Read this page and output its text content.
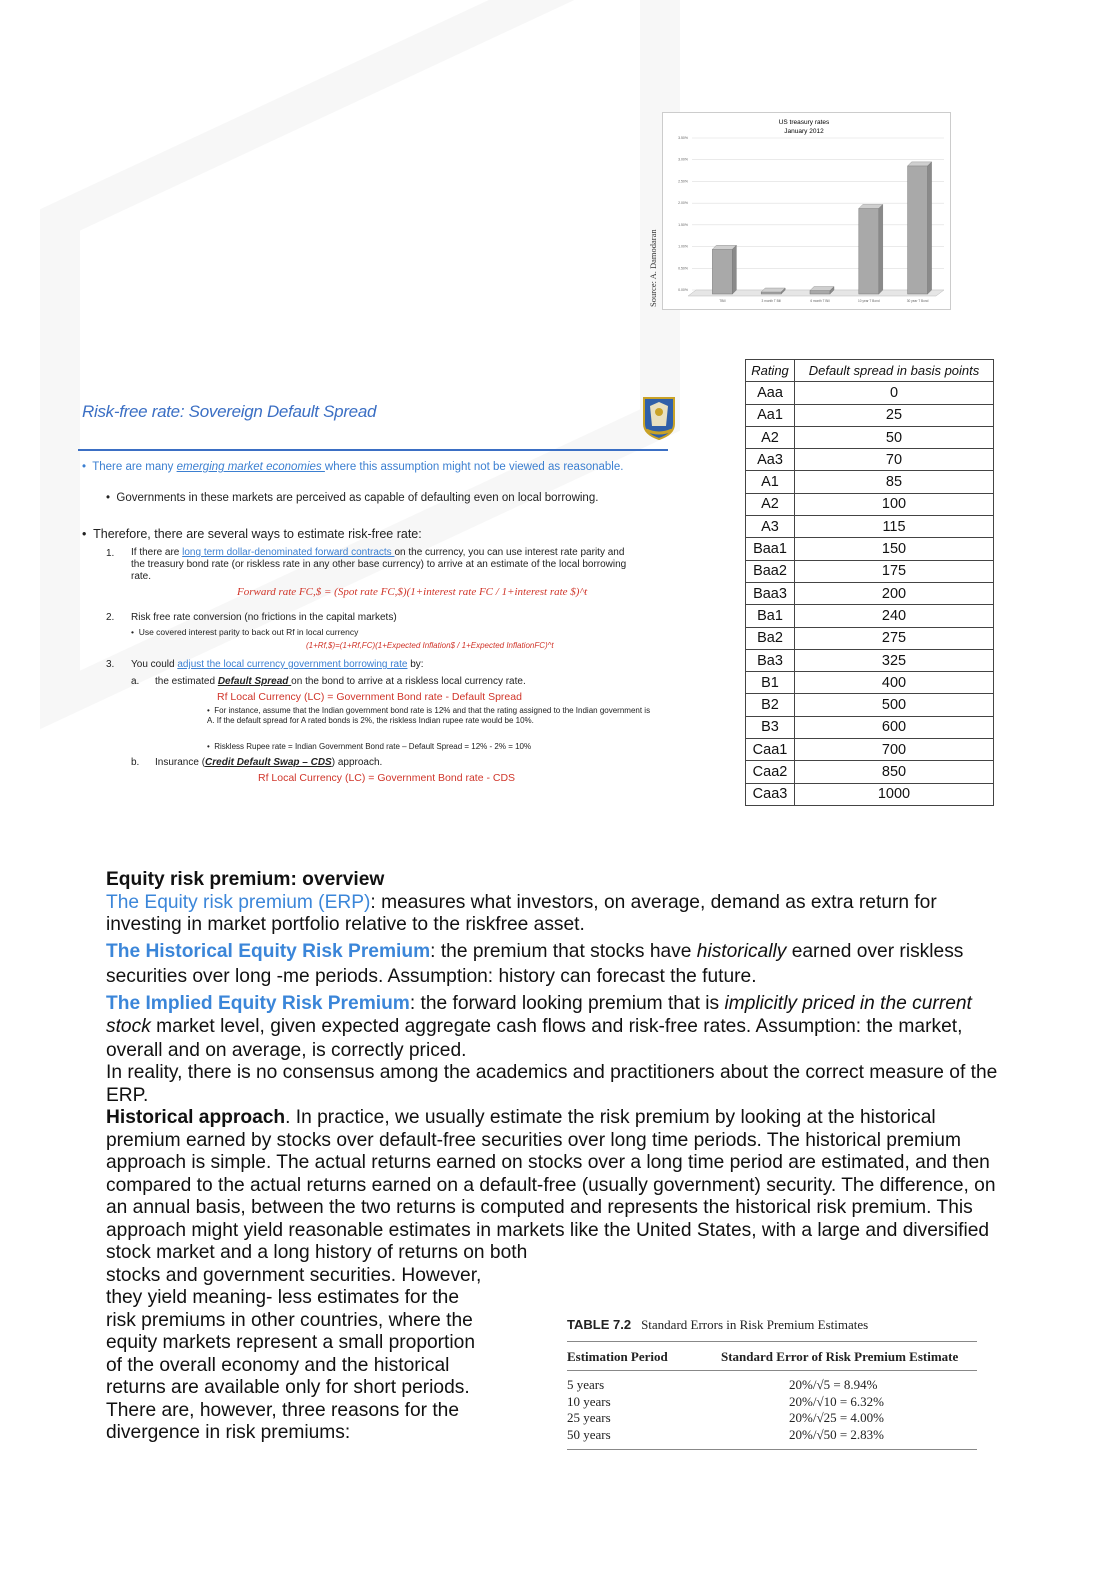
US treasury rates
January 2012
Source: A. Damodaran	0.00%
0.50%
1.00%
1.50%
2.00%
2.50%
3.00%
3.50%
TBill	3 month T Bill	6 month T Bill	10 year T Bond	30 year T Bond
Risk-free rate: Sovereign Default Spread
•  There are many emerging market economies where this assumption might not be viewed as reasonable.
•  Governments in these markets are perceived as capable of defaulting even on local borrowing.
•  Therefore, there are several ways to estimate risk-free rate:
1. If there are long term dollar-denominated forward contracts on the currency, you can use interest rate parity and the treasury bond rate (or riskless rate in any other base currency) to arrive at an estimate of the local borrowing rate.
Forward rate FC,$ = (Spot rate FC,$)(1+interest rate FC / 1+interest rate $)^t
2. Risk free rate conversion (no frictions in the capital markets)
•  Use covered interest parity to back out Rf in local currency
(1+Rf,$)=(1+Rf,FC)(1+Expected Inflation$ / 1+Expected InflationFC)^t
3. You could adjust the local currency government borrowing rate by:
a. the estimated Default Spread on the bond to arrive at a riskless local currency rate.
Rf Local Currency (LC) = Government Bond rate - Default Spread
•  For instance, assume that the Indian government bond rate is 12% and that the rating assigned to the Indian government is A. If the default spread for A rated bonds is 2%, the riskless Indian rupee rate would be 10%.
•  Riskless Rupee rate = Indian Government Bond rate – Default Spread = 12% - 2% = 10%
b. Insurance (Credit Default Swap – CDS) approach.
Rf Local Currency (LC) = Government Bond rate - CDS
Rating	Default spread in basis points
Aaa	0
Aa1	25
A2	50
Aa3	70
A1	85
A2	100
A3	115
Baa1	150
Baa2	175
Baa3	200
Ba1	240
Ba2	275
Ba3	325
B1	400
B2	500
B3	600
Caa1	700
Caa2	850
Caa3	1000
Equity risk premium: overview
The Equity risk premium (ERP): measures what investors, on average, demand as extra return for investing in market portfolio relative to the riskfree asset.
The Historical Equity Risk Premium: the premium that stocks have historically earned over riskless securities over long -me periods. Assumption: history can forecast the future.
The Implied Equity Risk Premium: the forward looking premium that is implicitly priced in the current stock market level, given expected aggregate cash flows and risk-free rates. Assumption: the market, overall and on average, is correctly priced.
In reality, there is no consensus among the academics and practitioners about the correct measure of the ERP.
Historical approach. In practice, we usually estimate the risk premium by looking at the historical premium earned by stocks over default-free securities over long time periods. The historical premium approach is simple. The actual returns earned on stocks over a long time period are estimated, and then compared to the actual returns earned on a default-free (usually government) security. The difference, on an annual basis, between the two returns is computed and represents the historical risk premium. This approach might yield reasonable estimates in markets like the United States, with a large and diversified stock market and a long history of returns on both
stocks and government securities. However,
they yield meaning- less estimates for the
risk premiums in other countries, where the
equity markets represent a small proportion
of the overall economy and the historical
returns are available only for short periods.
There are, however, three reasons for the
divergence in risk premiums:
TABLE 7.2 Standard Errors in Risk Premium Estimates
Estimation Period	Standard Error of Risk Premium Estimate
5 years	20%/√5 = 8.94%
10 years	20%/√10 = 6.32%
25 years	20%/√25 = 4.00%
50 years	20%/√50 = 2.83%
